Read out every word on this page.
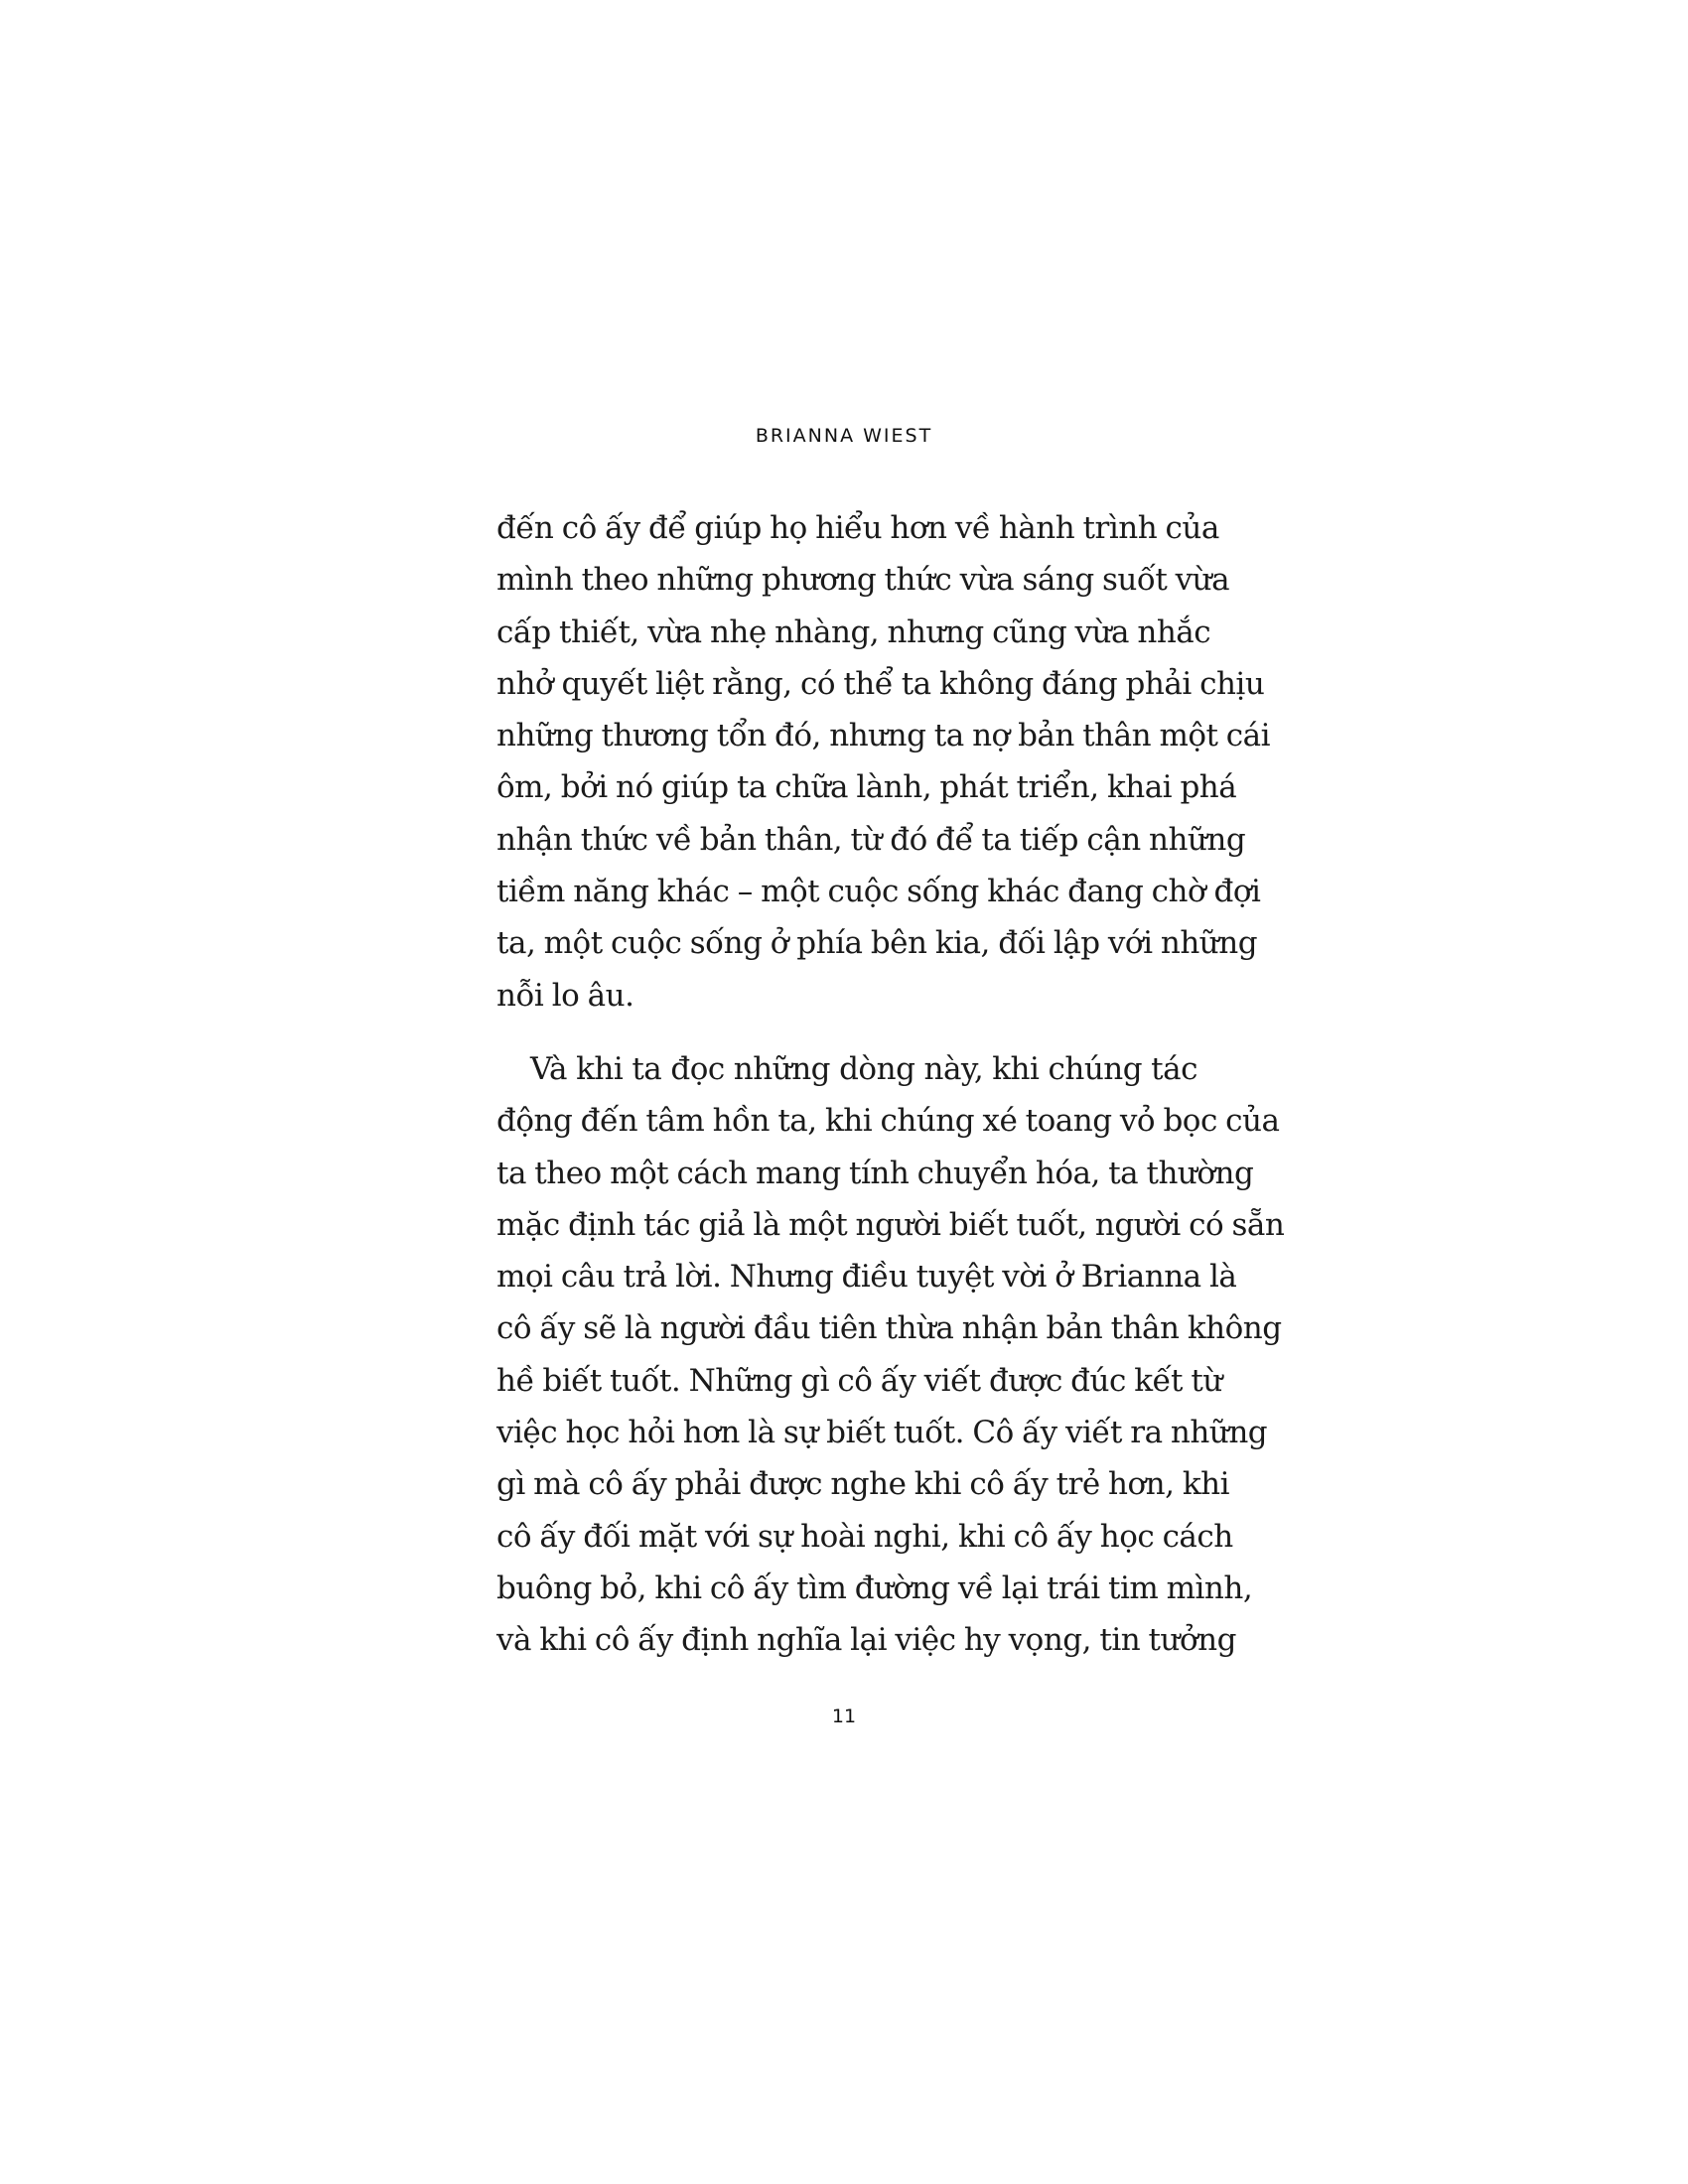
BRIANNA WIEST

đến cô ấy để giúp họ hiểu hơn về hành trình của
mình theo những phương thức vừa sáng suốt vừa
cấp thiết, vừa nhẹ nhàng, nhưng cũng vừa nhắc
nhở quyết liệt rằng, có thể ta không đáng phải chịu
những thương tổn đó, nhưng ta nợ bản thân một cái
ôm, bởi nó giúp ta chữa lành, phát triển, khai phá
nhận thức về bản thân, từ đó để ta tiếp cận những
tiềm năng khác – một cuộc sống khác đang chờ đợi
ta, một cuộc sống ở phía bên kia, đối lập với những
nỗi lo âu.

Và khi ta đọc những dòng này, khi chúng tác
động đến tâm hồn ta, khi chúng xé toang vỏ bọc của
ta theo một cách mang tính chuyển hóa, ta thường
mặc định tác giả là một người biết tuốt, người có sẵn
mọi câu trả lời. Nhưng điều tuyệt vời ở Brianna là
cô ấy sẽ là người đầu tiên thừa nhận bản thân không
hề biết tuốt. Những gì cô ấy viết được đúc kết từ
việc học hỏi hơn là sự biết tuốt. Cô ấy viết ra những
gì mà cô ấy phải được nghe khi cô ấy trẻ hơn, khi
cô ấy đối mặt với sự hoài nghi, khi cô ấy học cách
buông bỏ, khi cô ấy tìm đường về lại trái tim mình,
và khi cô ấy định nghĩa lại việc hy vọng, tin tưởng

11
